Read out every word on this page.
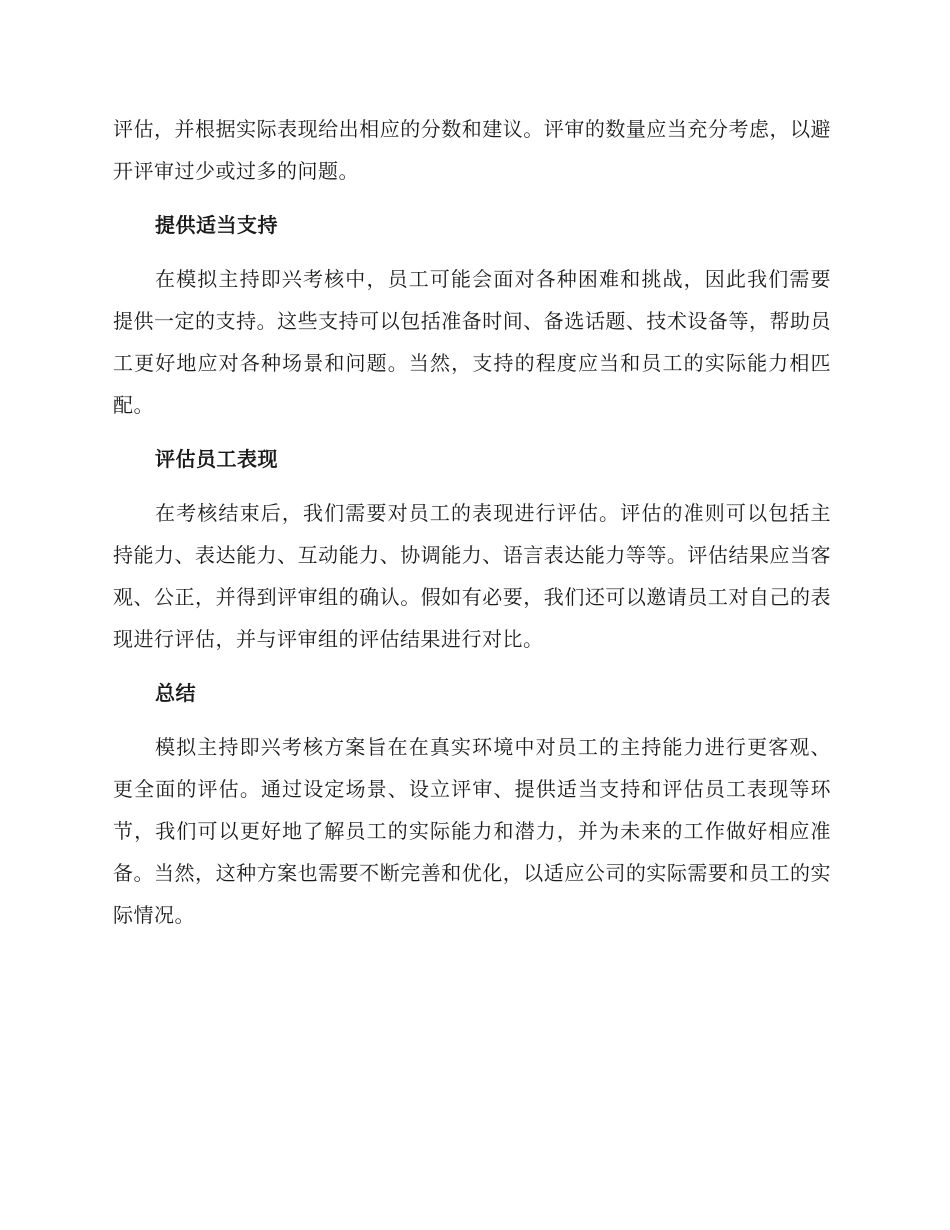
评估，并根据实际表现给出相应的分数和建议。评审的数量应当充分考虑，以避开评审过少或过多的问题。

提供适当支持

在模拟主持即兴考核中，员工可能会面对各种困难和挑战，因此我们需要提供一定的支持。这些支持可以包括准备时间、备选话题、技术设备等，帮助员工更好地应对各种场景和问题。当然，支持的程度应当和员工的实际能力相匹配。

评估员工表现

在考核结束后，我们需要对员工的表现进行评估。评估的准则可以包括主持能力、表达能力、互动能力、协调能力、语言表达能力等等。评估结果应当客观、公正，并得到评审组的确认。假如有必要，我们还可以邀请员工对自己的表现进行评估，并与评审组的评估结果进行对比。

总结

模拟主持即兴考核方案旨在在真实环境中对员工的主持能力进行更客观、更全面的评估。通过设定场景、设立评审、提供适当支持和评估员工表现等环节，我们可以更好地了解员工的实际能力和潜力，并为未来的工作做好相应准备。当然，这种方案也需要不断完善和优化，以适应公司的实际需要和员工的实际情况。
